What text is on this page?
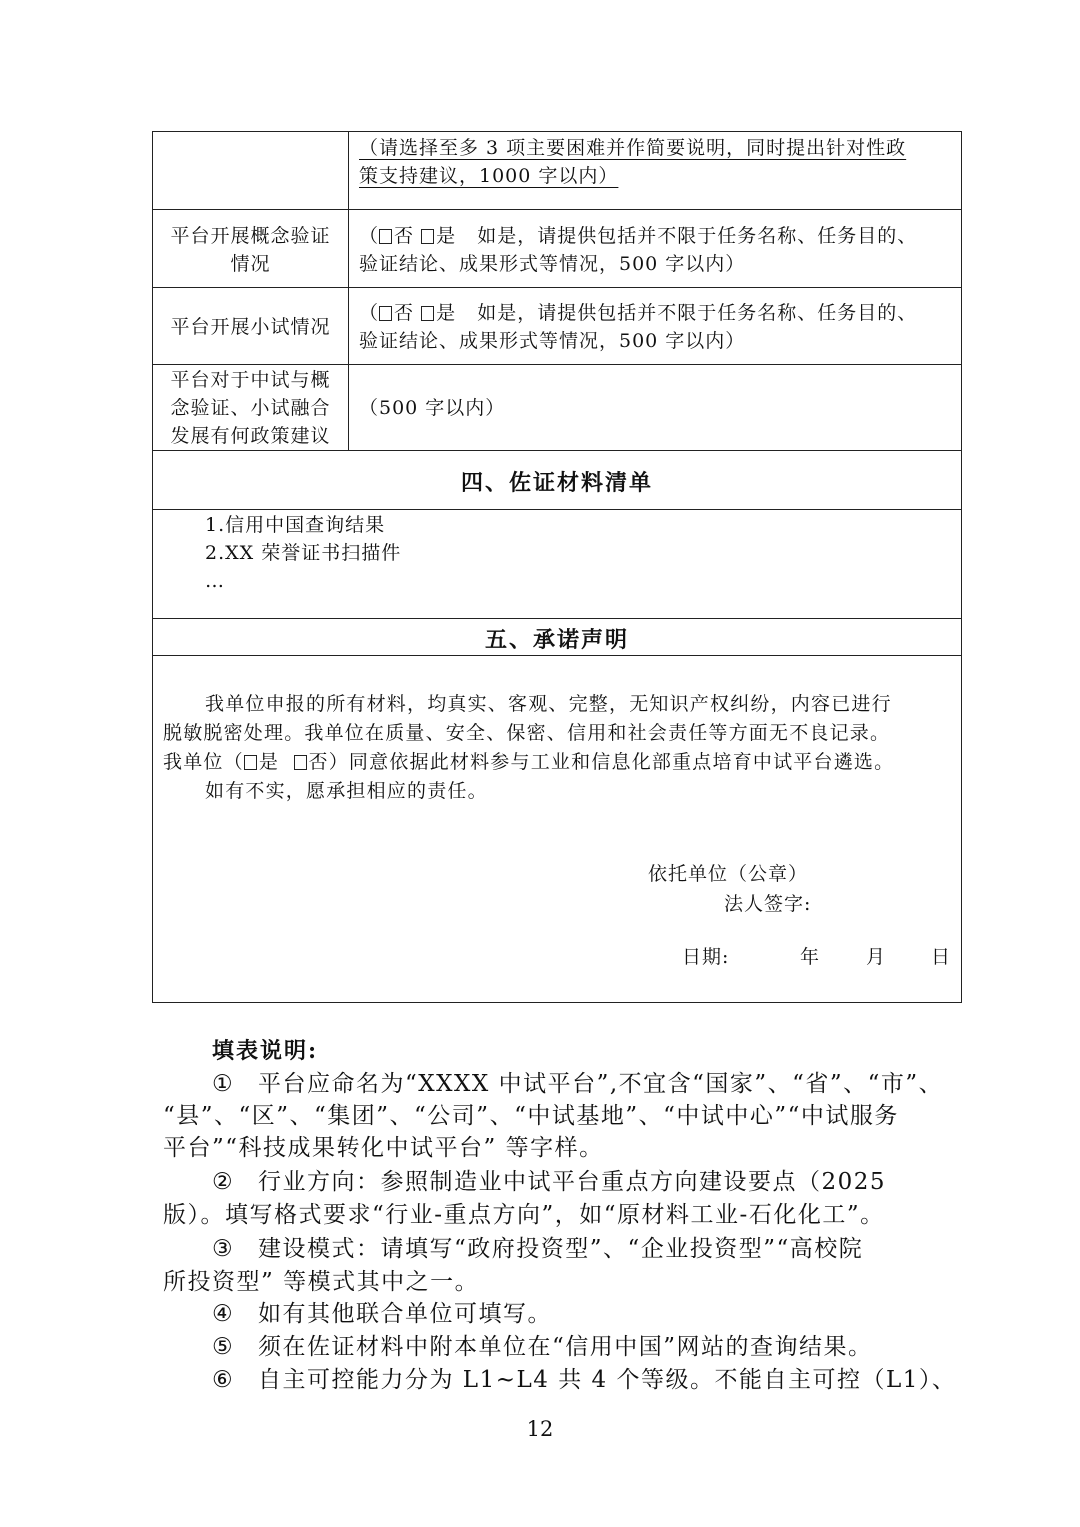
（请选择至多 3 项主要困难并作简要说明，同时提出针对性政
策支持建议，1000 字以内）
平台开展概念验证
情况
（ 否 是 如是，请提供包括并不限于任务名称、任务目的、
验证结论、成果形式等情况，500 字以内）
平台开展小试情况
（ 否 是 如是，请提供包括并不限于任务名称、任务目的、
验证结论、成果形式等情况，500 字以内）
平台对于中试与概
念验证、小试融合
发展有何政策建议
（500 字以内）
四、佐证材料清单
1.信用中国查询结果
2.XX 荣誉证书扫描件
…
五、承诺声明
我单位申报的所有材料，均真实、客观、完整，无知识产权纠纷，内容已进行
脱敏脱密处理。我单位在质量、安全、保密、信用和社会责任等方面无不良记录。
我单位（ 是 否）同意依据此材料参与工业和信息化部重点培育中试平台遴选。
如有不实，愿承担相应的责任。
依托单位（公章）
法人签字:
日期:	年 月 日
填表说明:
① 平台应命名为“XXXX 中试平台”,不宜含“国家”、“省”、“市”、
“县”、“区”、“集团”、“公司”、“中试基地”、“中试中心”“中试服务
平台”“科技成果转化中试平台” 等字样。
② 行业方向：参照制造业中试平台重点方向建设要点（2025
版）。填写格式要求“行业-重点方向”，如“原材料工业-石化化工”。
③ 建设模式：请填写“政府投资型”、“企业投资型”“高校院
所投资型” 等模式其中之一。
④ 如有其他联合单位可填写。
⑤ 须在佐证材料中附本单位在“信用中国”网站的查询结果。
⑥ 自主可控能力分为 L1~L4 共 4 个等级。不能自主可控（L1）、
12
